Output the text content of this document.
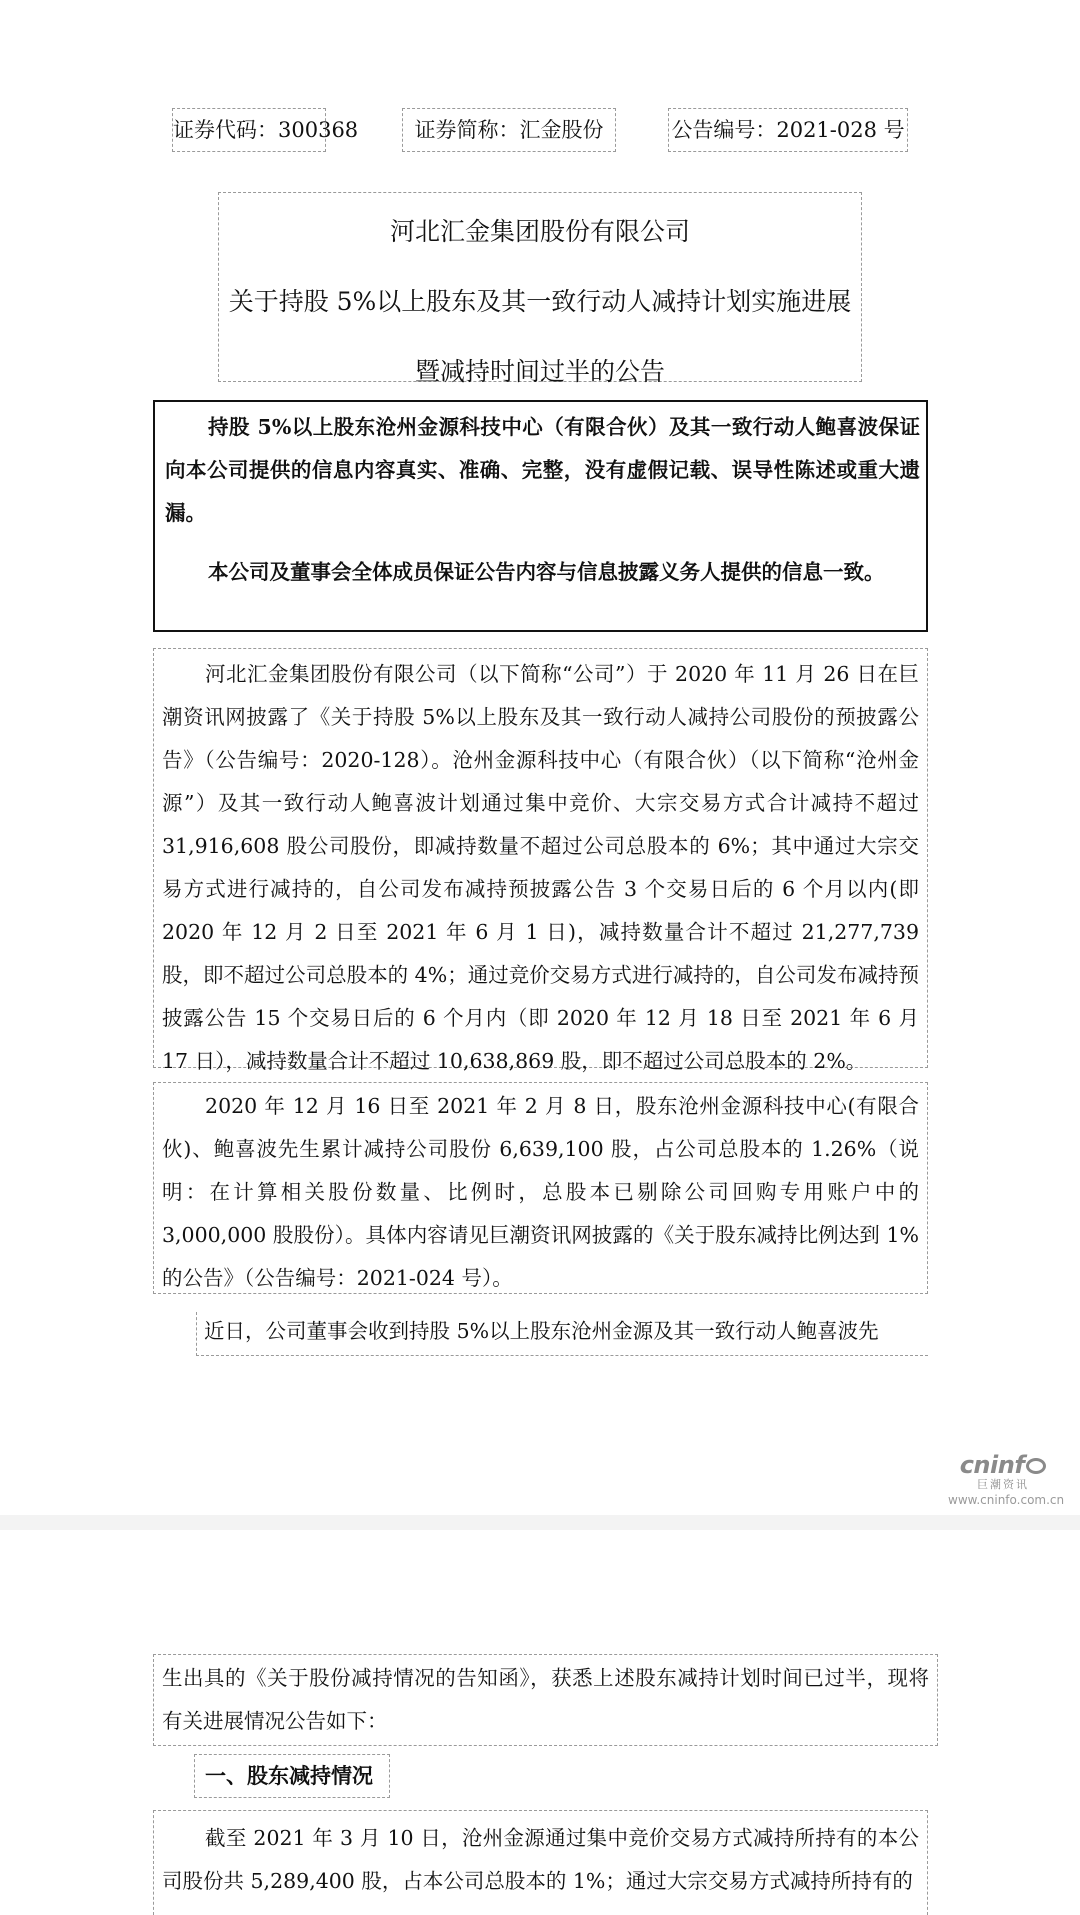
证券代码：300368	证券简称：汇金股份	公告编号：2021-028 号
河北汇金集团股份有限公司
关于持股 5%以上股东及其一致行动人减持计划实施进展
暨减持时间过半的公告

持股 5%以上股东沧州金源科技中心（有限合伙）及其一致行动人鲍喜波保证向本公司提供的信息内容真实、准确、完整，没有虚假记载、误导性陈述或重大遗漏。

本公司及董事会全体成员保证公告内容与信息披露义务人提供的信息一致。

河北汇金集团股份有限公司（以下简称“公司”）于 2020 年 11 月 26 日在巨潮资讯网披露了《关于持股 5%以上股东及其一致行动人减持公司股份的预披露公告》（公告编号：2020-128）。沧州金源科技中心（有限合伙）（以下简称“沧州金源”）及其一致行动人鲍喜波计划通过集中竞价、大宗交易方式合计减持不超过 31,916,608 股公司股份，即减持数量不超过公司总股本的 6%；其中通过大宗交易方式进行减持的，自公司发布减持预披露公告 3 个交易日后的 6 个月以内(即 2020 年 12 月 2 日至 2021 年 6 月 1 日)，减持数量合计不超过 21,277,739 股，即不超过公司总股本的 4%；通过竞价交易方式进行减持的，自公司发布减持预披露公告 15 个交易日后的 6 个月内（即 2020 年 12 月 18 日至 2021 年 6 月 17 日），减持数量合计不超过 10,638,869 股，即不超过公司总股本的 2%。

2020 年 12 月 16 日至 2021 年 2 月 8 日，股东沧州金源科技中心(有限合伙)、鲍喜波先生累计减持公司股份 6,639,100 股，占公司总股本的 1.26%（说明：在计算相关股份数量、比例时，总股本已剔除公司回购专用账户中的 3,000,000 股股份）。具体内容请见巨潮资讯网披露的《关于股东减持比例达到 1%的公告》（公告编号：2021-024 号）。

近日，公司董事会收到持股 5%以上股东沧州金源及其一致行动人鲍喜波先

cninf
巨潮资讯
www.cninfo.com.cn

生出具的《关于股份减持情况的告知函》，获悉上述股东减持计划时间已过半，现将有关进展情况公告如下：

一、股东减持情况

截至 2021 年 3 月 10 日，沧州金源通过集中竞价交易方式减持所持有的本公司股份共 5,289,400 股，占本公司总股本的 1%；通过大宗交易方式减持所持有的
